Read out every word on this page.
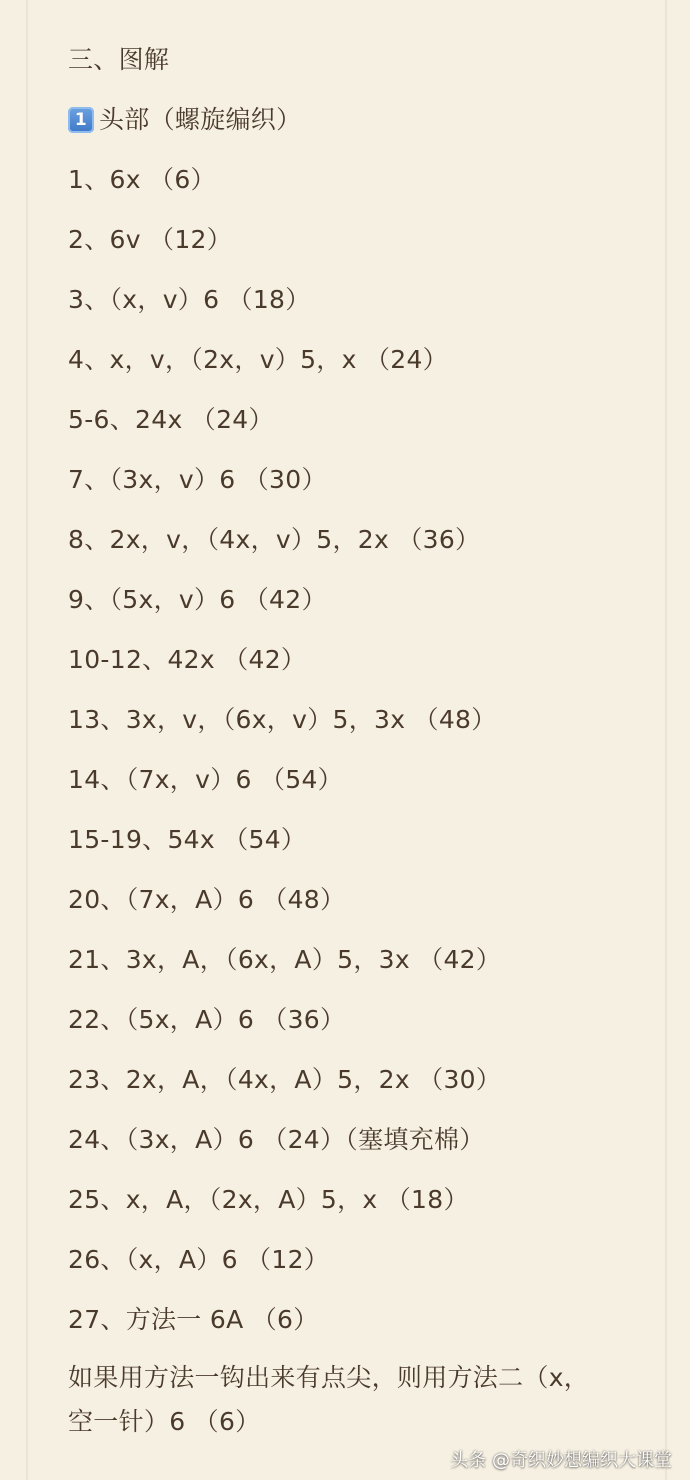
三、图解
1 头部（螺旋编织）
1、6x （6）
2、6v （12）
3、（x，v）6 （18）
4、x，v，（2x，v）5，x （24）
5-6、24x （24）
7、（3x，v）6 （30）
8、2x，v，（4x，v）5，2x （36）
9、（5x，v）6 （42）
10-12、42x （42）
13、3x，v，（6x，v）5，3x （48）
14、（7x，v）6 （54）
15-19、54x （54）
20、（7x，A）6 （48）
21、3x，A，（6x，A）5，3x （42）
22、（5x，A）6 （36）
23、2x，A，（4x，A）5，2x （30）
24、（3x，A）6 （24）（塞填充棉）
25、x，A，（2x，A）5，x （18）
26、（x，A）6 （12）
27、方法一 6A （6）
如果用方法一钩出来有点尖，则用方法二（x，
空一针）6 （6）
头条 @奇织妙想编织大课堂
